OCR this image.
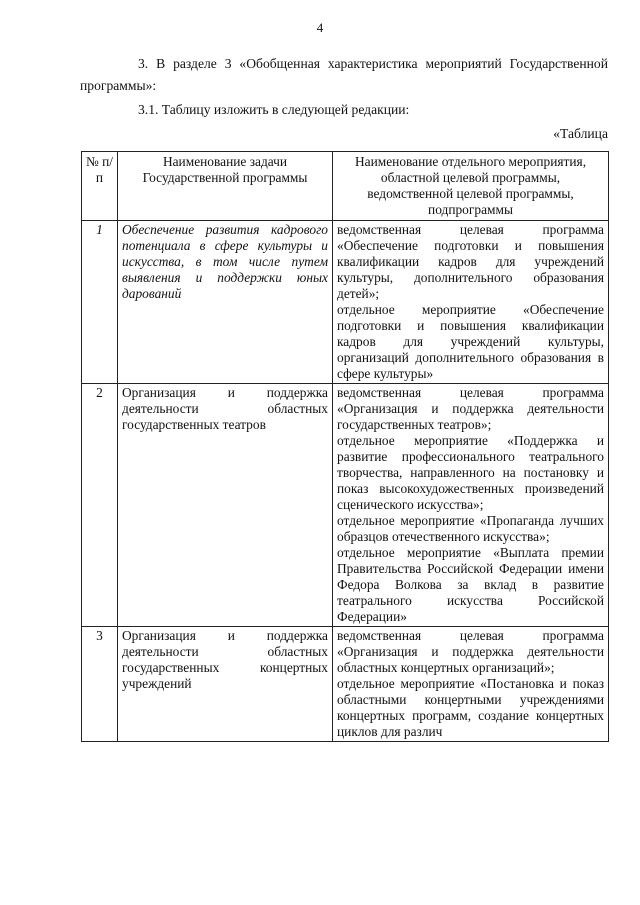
4
3. В разделе 3 «Обобщенная характеристика мероприятий Государственной программы»:
3.1. Таблицу изложить в следующей редакции:
«Таблица
№ п/п	Наименование задачи Государственной программы	Наименование отдельного мероприятия, областной целевой программы, ведомственной целевой программы, подпрограммы
1	Обеспечение развития кадрового потенциала в сфере культуры и искусства, в том числе путем выявления и поддержки юных дарований	ведомственная целевая программа «Обеспечение подготовки и повышения квалификации кадров для учреждений культуры, дополнительного образования детей»;
отдельное мероприятие «Обеспечение подготовки и повышения квалификации кадров для учреждений культуры, организаций дополнительного образования в сфере культуры»

2	Организация и поддержка деятельности областных государственных театров	ведомственная целевая программа «Организация и поддержка деятельности государственных театров»;
отдельное мероприятие «Поддержка и развитие профессионального театрального творчества, направленного на постановку и показ высокохудожественных произведений сценического искусства»;
отдельное мероприятие «Пропаганда лучших образцов отечественного искусства»;
отдельное мероприятие «Выплата премии Правительства Российской Федерации имени Федора Волкова за вклад в развитие театрального искусства Российской Федерации»

3	Организация и поддержка деятельности областных государственных концертных учреждений	ведомственная целевая программа «Организация и поддержка деятельности областных концертных организаций»;
отдельное мероприятие «Постановка и показ областными концертными учреждениями концертных программ, создание концертных циклов для различ
